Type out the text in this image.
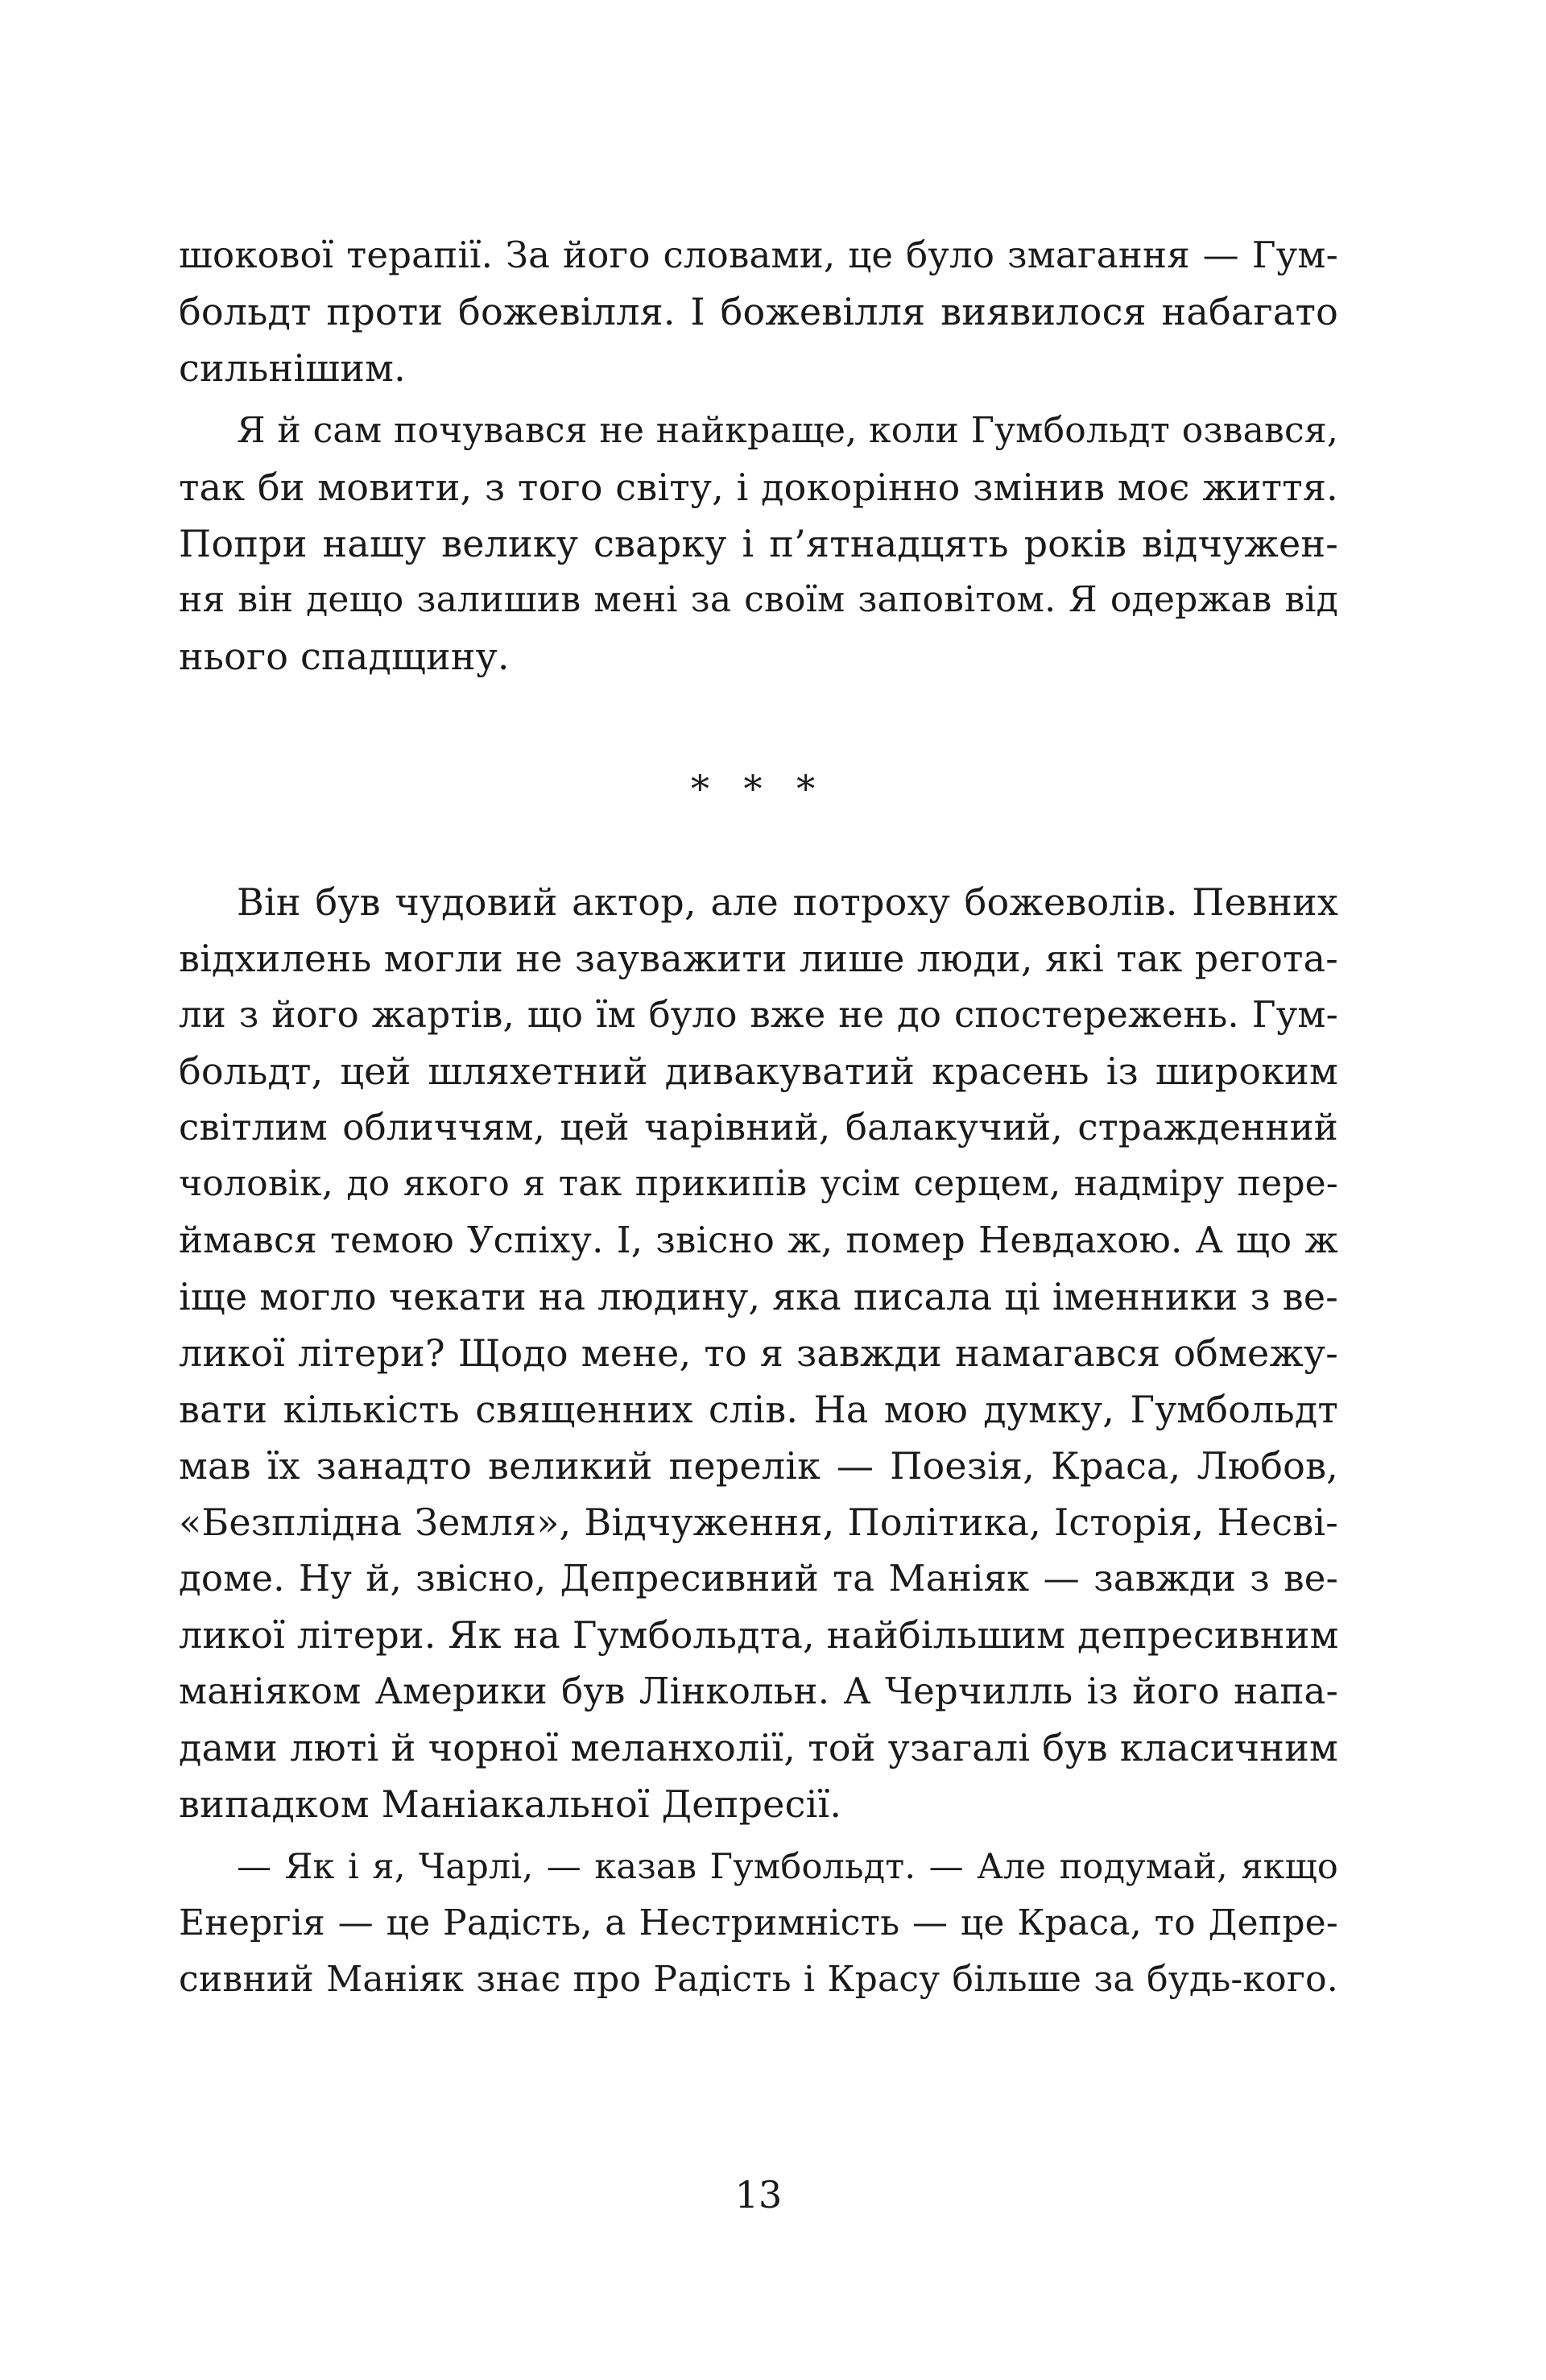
шокової терапії. За його словами, це було змагання — Гум-
больдт проти божевілля. І божевілля виявилося набагато
сильнішим.
Я й сам почувався не найкраще, коли Гумбольдт озвався,
так би мовити, з того світу, і докорінно змінив моє життя.
Попри нашу велику сварку і п’ятнадцять років відчужен-
ня він дещо залишив мені за своїм заповітом. Я одержав від
нього спадщину.
* * *
Він був чудовий актор, але потроху божеволів. Певних
відхилень могли не зауважити лише люди, які так регота-
ли з його жартів, що їм було вже не до спостережень. Гум-
больдт, цей шляхетний дивакуватий красень із широким
світлим обличчям, цей чарівний, балакучий, стражденний
чоловік, до якого я так прикипів усім серцем, надміру пере-
ймався темою Успіху. І, звісно ж, помер Невдахою. А що ж
іще могло чекати на людину, яка писала ці іменники з ве-
ликої літери? Щодо мене, то я завжди намагався обмежу-
вати кількість священних слів. На мою думку, Гумбольдт
мав їх занадто великий перелік — Поезія, Краса, Любов,
«Безплідна Земля», Відчуження, Політика, Історія, Несві-
доме. Ну й, звісно, Депресивний та Маніяк — завжди з ве-
ликої літери. Як на Гумбольдта, найбільшим депресивним
маніяком Америки був Лінкольн. А Черчилль із його напа-
дами люті й чорної меланхолії, той узагалі був класичним
випадком Маніакальної Депресії.
— Як і я, Чарлі, — казав Гумбольдт. — Але подумай, якщо
Енергія — це Радість, а Нестримність — це Краса, то Депре-
сивний Маніяк знає про Радість і Красу більше за будь-кого.
13
